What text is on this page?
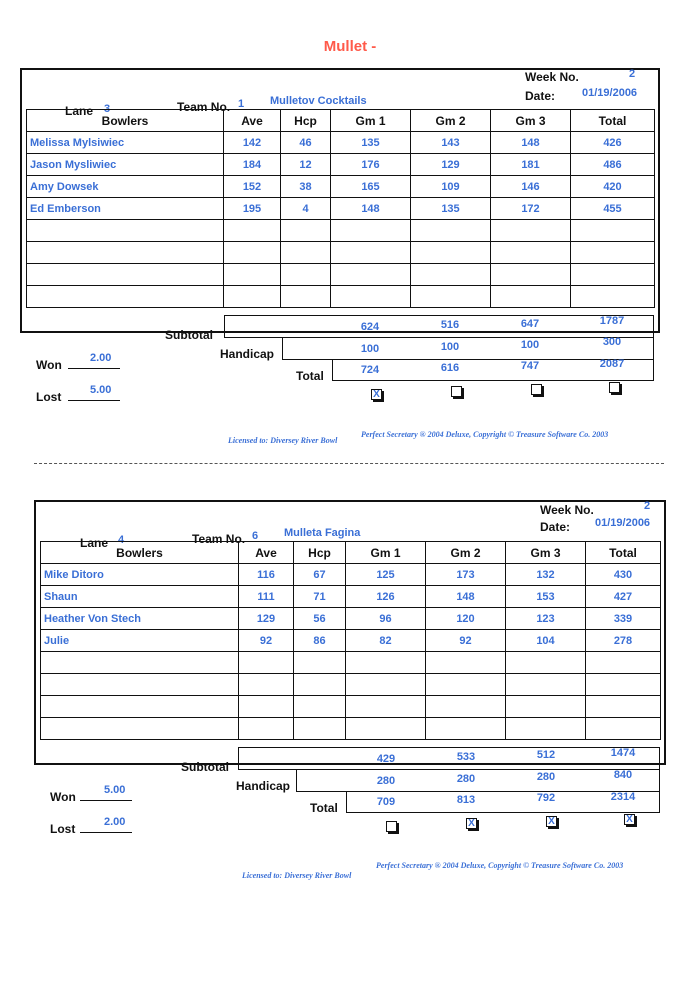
Mullet -
Week No.	2
Date: 01/19/2006
Lane 3	Team No. 1 Mulletov Cocktails
Bowlers	Ave	Hcp	Gm 1	Gm 2	Gm 3	Total
Melissa Mylsiwiec	142	46	135	143	148	426
Jason Mysliwiec	184	12	176	129	181	486
Amy Dowsek	152	38	165	109	146	420
Ed Emberson	195	4	148	135	172	455

Subtotal
624	516	647	1787
Handicap	100	100	100	300
Total	724	616	747	2087
X
Won	2.00
Lost	5.00
Licensed to: Diversey River Bowl
Perfect Secretary ® 2004 Deluxe, Copyright © Treasure Software Co. 2003
Week No.	2
Date: 01/19/2006
Lane 4	Team No. 6 Mulleta Fagina
Bowlers	Ave	Hcp	Gm 1	Gm 2	Gm 3	Total
Mike Ditoro	116	67	125	173	132	430
Shaun	111	71	126	148	153	427
Heather Von Stech	129	56	96	120	123	339
Julie	92	86	82	92	104	278

Subtotal
429	533	512	1474
Handicap	280	280	280	840
Total	709	813	792	2314
X	X	X
Won	5.00
Lost	2.00
Licensed to: Diversey River Bowl
Perfect Secretary ® 2004 Deluxe, Copyright © Treasure Software Co. 2003
